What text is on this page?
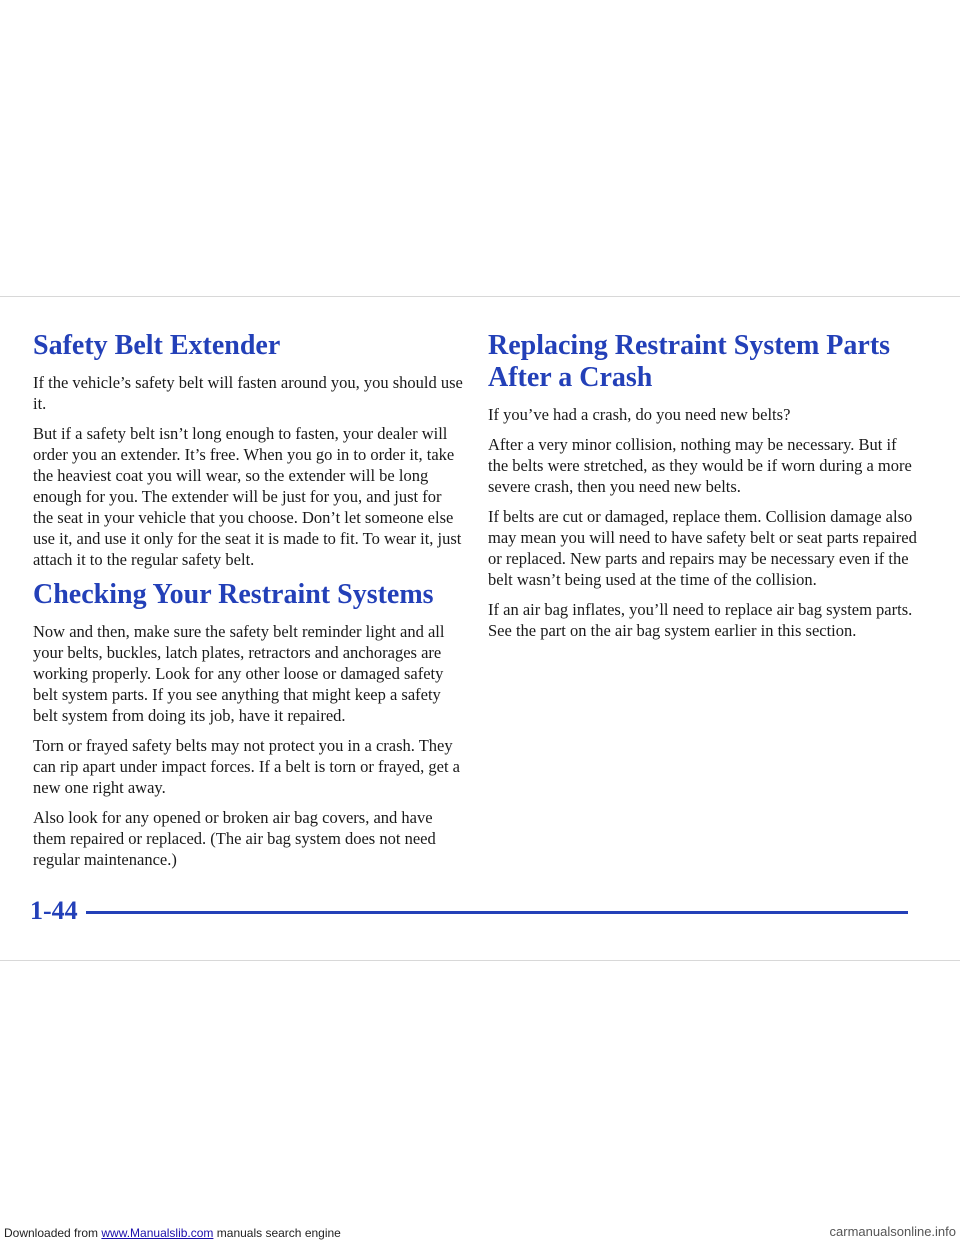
Safety Belt Extender

If the vehicle’s safety belt will fasten around you, you should use it.

But if a safety belt isn’t long enough to fasten, your dealer will order you an extender. It’s free. When you go in to order it, take the heaviest coat you will wear, so the extender will be long enough for you. The extender will be just for you, and just for the seat in your vehicle that you choose. Don’t let someone else use it, and use it only for the seat it is made to fit. To wear it, just attach it to the regular safety belt.

Checking Your Restraint Systems

Now and then, make sure the safety belt reminder light and all your belts, buckles, latch plates, retractors and anchorages are working properly. Look for any other loose or damaged safety belt system parts. If you see anything that might keep a safety belt system from doing its job, have it repaired.

Torn or frayed safety belts may not protect you in a crash. They can rip apart under impact forces. If a belt is torn or frayed, get a new one right away.

Also look for any opened or broken air bag covers, and have them repaired or replaced. (The air bag system does not need regular maintenance.)

Replacing Restraint System Parts After a Crash

If you’ve had a crash, do you need new belts?

After a very minor collision, nothing may be necessary. But if the belts were stretched, as they would be if worn during a more severe crash, then you need new belts.

If belts are cut or damaged, replace them. Collision damage also may mean you will need to have safety belt or seat parts repaired or replaced. New parts and repairs may be necessary even if the belt wasn’t being used at the time of the collision.

If an air bag inflates, you’ll need to replace air bag system parts. See the part on the air bag system earlier in this section.

1-44
Downloaded from www.Manualslib.com manuals search engine	carmanualsonline.info
